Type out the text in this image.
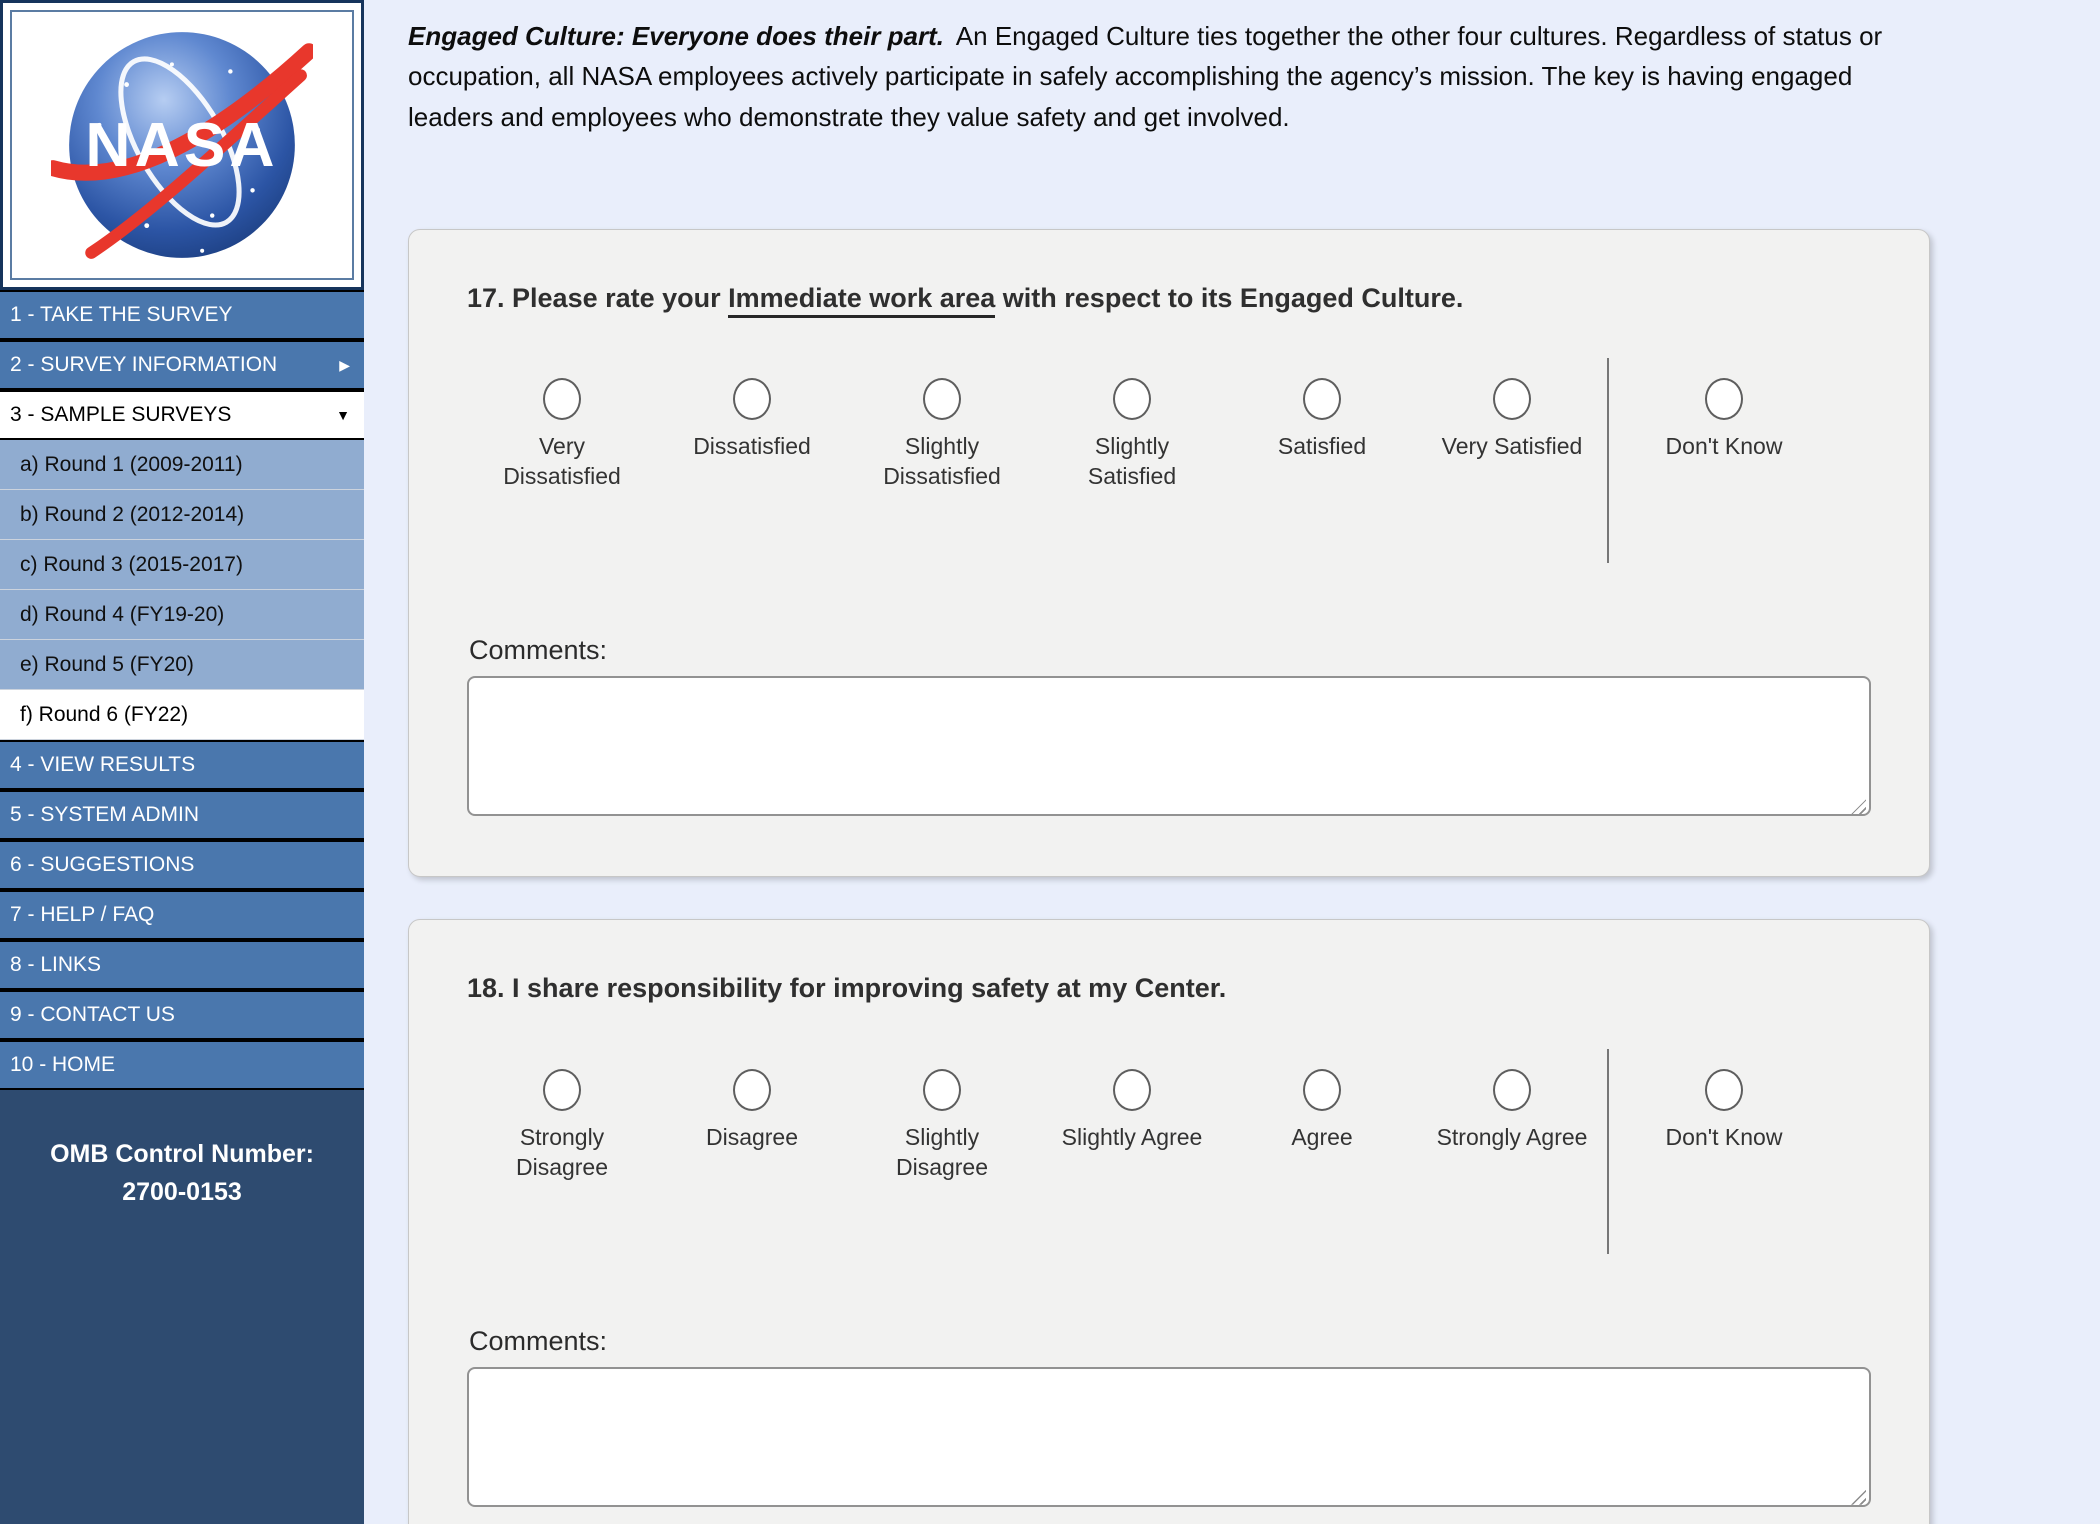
NASA
1 - TAKE THE SURVEY
2 - SURVEY INFORMATION	▶
3 - SAMPLE SURVEYS	▼
a) Round 1 (2009-2011)
b) Round 2 (2012-2014)
c) Round 3 (2015-2017)
d) Round 4 (FY19-20)
e) Round 5 (FY20)
f) Round 6 (FY22)
4 - VIEW RESULTS
5 - SYSTEM ADMIN
6 - SUGGESTIONS
7 - HELP / FAQ
8 - LINKS
9 - CONTACT US
10 - HOME
OMB Control Number:
2700-0153

Engaged Culture: Everyone does their part. An Engaged Culture ties together the other four cultures. Regardless of status or occupation, all NASA employees actively participate in safely accomplishing the agency’s mission. The key is having engaged leaders and employees who demonstrate they value safety and get involved.

17. Please rate your Immediate work area with respect to its Engaged Culture.
Very Dissatisfied
Dissatisfied	Slightly Dissatisfied
Slightly Satisfied
Satisfied	Very Satisfied	Don't Know
Comments:
18. I share responsibility for improving safety at my Center.
Strongly Disagree
Disagree	Slightly Disagree
Slightly Agree	Agree	Strongly Agree	Don't Know
Comments:
